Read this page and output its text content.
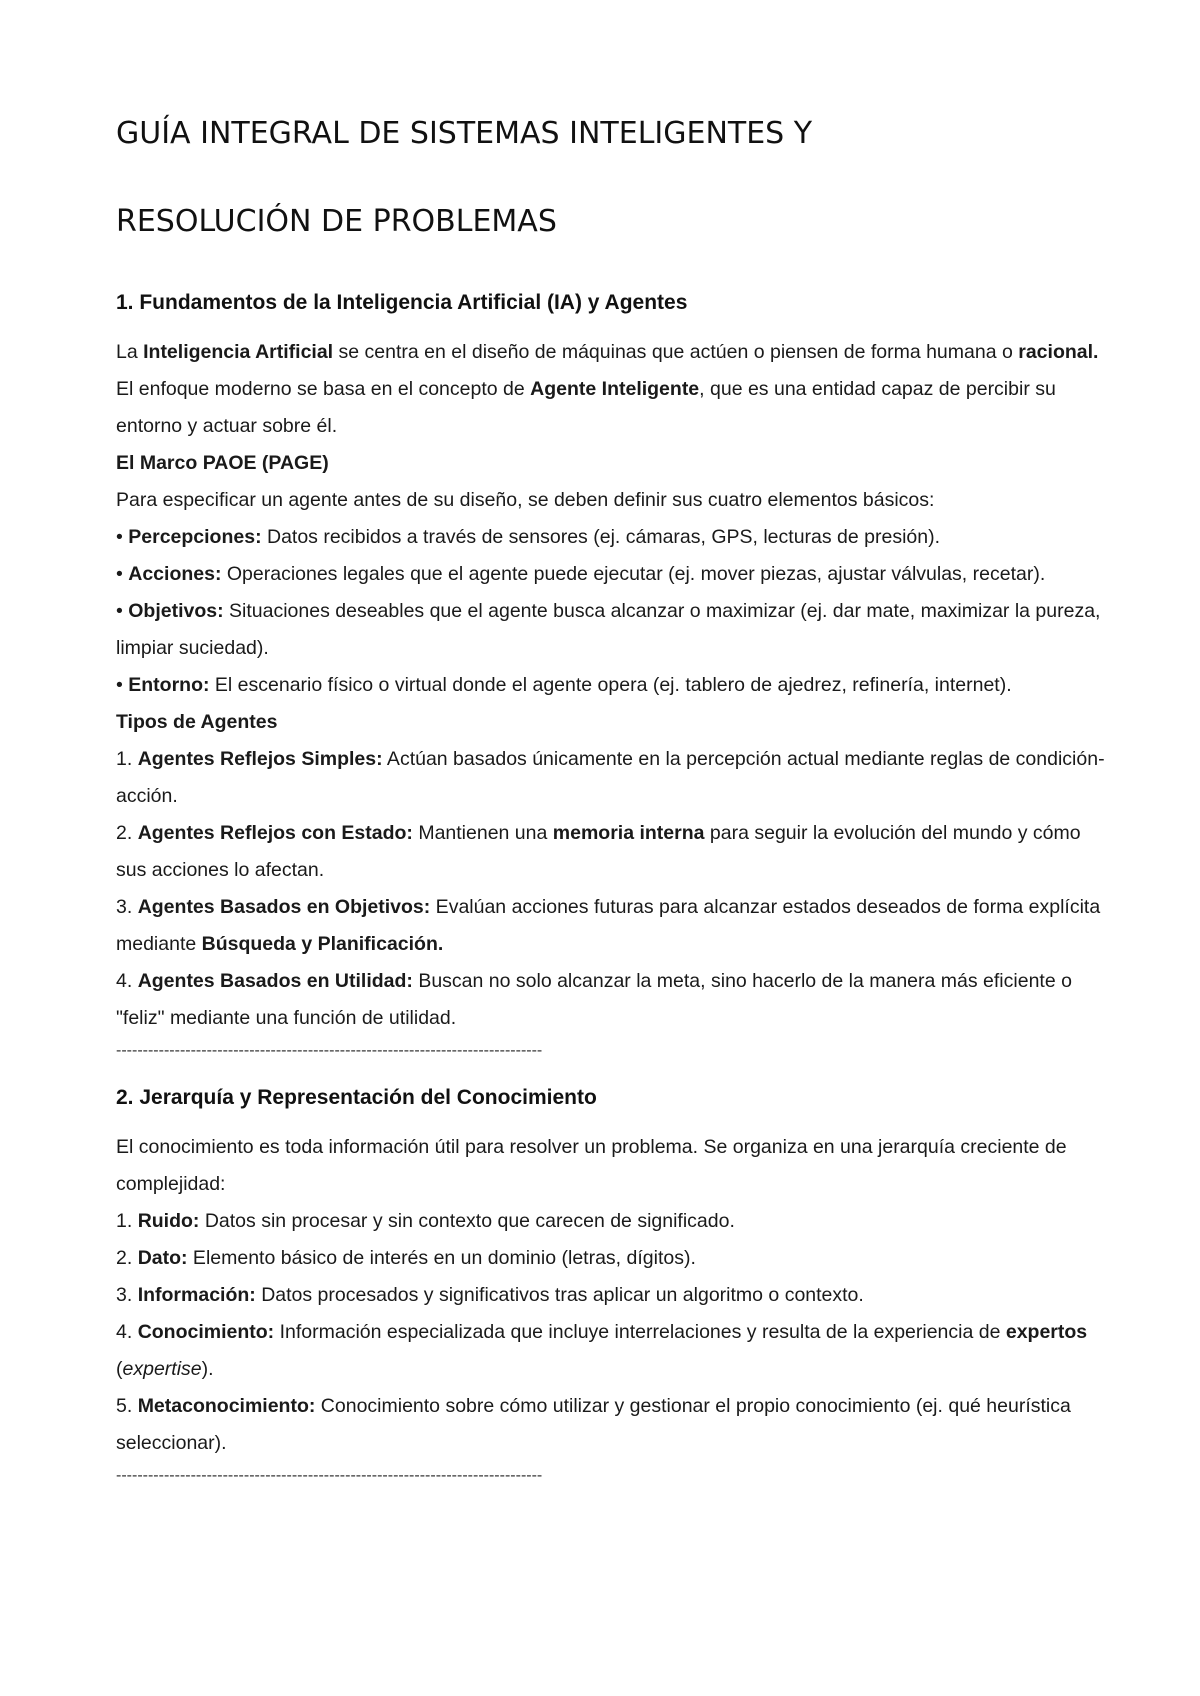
GUÍA INTEGRAL DE SISTEMAS INTELIGENTES Y
RESOLUCIÓN DE PROBLEMAS
1. Fundamentos de la Inteligencia Artificial (IA) y Agentes

La Inteligencia Artificial se centra en el diseño de máquinas que actúen o piensen de forma humana o racional. El enfoque moderno se basa en el concepto de Agente Inteligente, que es una entidad capaz de percibir su entorno y actuar sobre él.

El Marco PAOE (PAGE)

Para especificar un agente antes de su diseño, se deben definir sus cuatro elementos básicos:

• Percepciones: Datos recibidos a través de sensores (ej. cámaras, GPS, lecturas de presión).

• Acciones: Operaciones legales que el agente puede ejecutar (ej. mover piezas, ajustar válvulas, recetar).

• Objetivos: Situaciones deseables que el agente busca alcanzar o maximizar (ej. dar mate, maximizar la pureza, limpiar suciedad).

• Entorno: El escenario físico o virtual donde el agente opera (ej. tablero de ajedrez, refinería, internet).

Tipos de Agentes

1. Agentes Reflejos Simples: Actúan basados únicamente en la percepción actual mediante reglas de condición-acción.

2. Agentes Reflejos con Estado: Mantienen una memoria interna para seguir la evolución del mundo y cómo sus acciones lo afectan.

3. Agentes Basados en Objetivos: Evalúan acciones futuras para alcanzar estados deseados de forma explícita mediante Búsqueda y Planificación.

4. Agentes Basados en Utilidad: Buscan no solo alcanzar la meta, sino hacerlo de la manera más eficiente o "feliz" mediante una función de utilidad.

--------------------------------------------------------------------------------
2. Jerarquía y Representación del Conocimiento

El conocimiento es toda información útil para resolver un problema. Se organiza en una jerarquía creciente de complejidad:

1. Ruido: Datos sin procesar y sin contexto que carecen de significado.

2. Dato: Elemento básico de interés en un dominio (letras, dígitos).

3. Información: Datos procesados y significativos tras aplicar un algoritmo o contexto.

4. Conocimiento: Información especializada que incluye interrelaciones y resulta de la experiencia de expertos (expertise).

5. Metaconocimiento: Conocimiento sobre cómo utilizar y gestionar el propio conocimiento (ej. qué heurística seleccionar).

--------------------------------------------------------------------------------
